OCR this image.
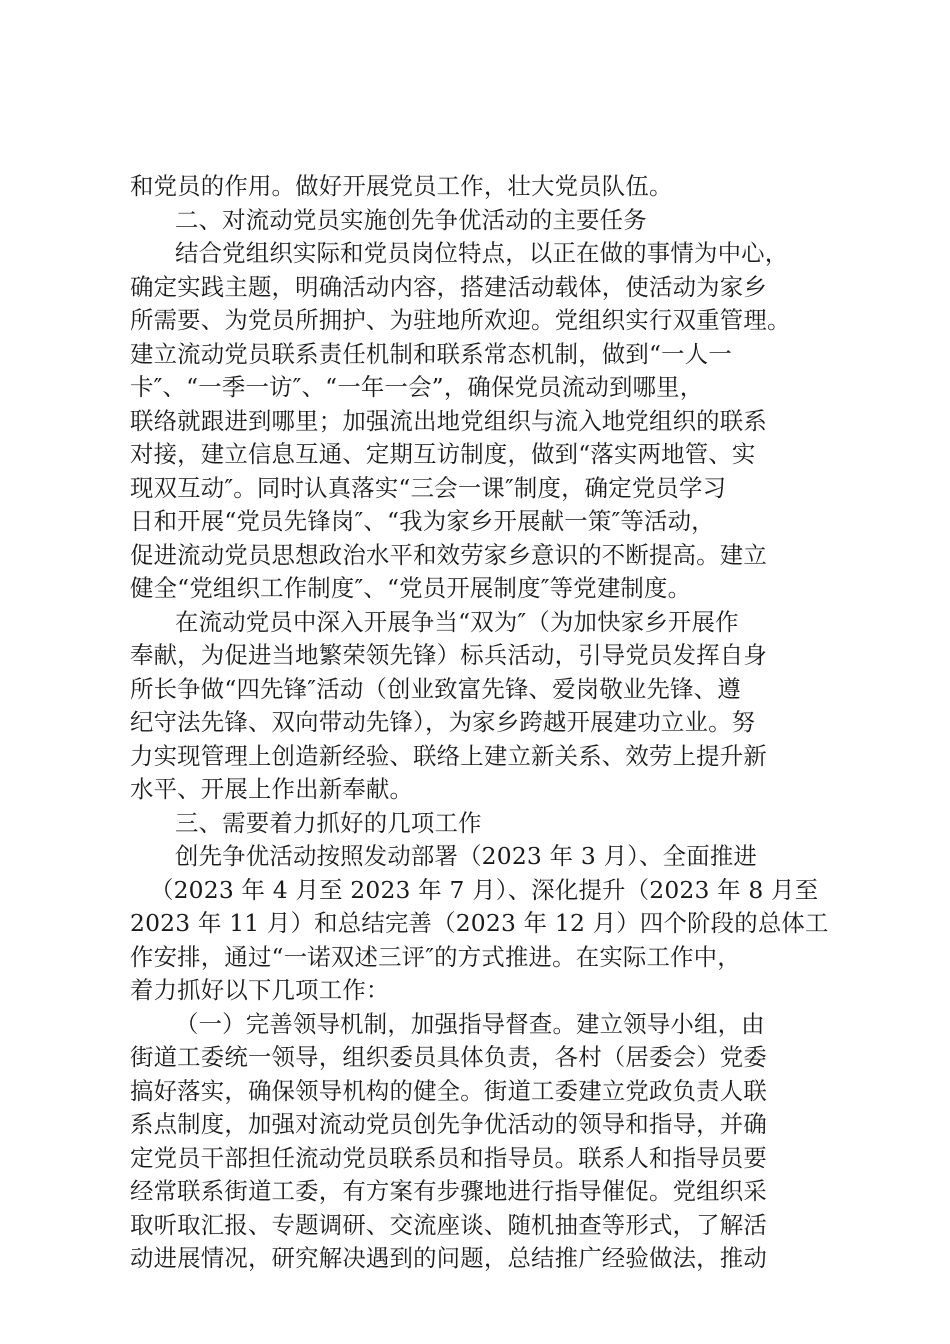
和党员的作用。做好开展党员工作，壮大党员队伍。
二、对流动党员实施创先争优活动的主要任务
结合党组织实际和党员岗位特点，以正在做的事情为中心，
确定实践主题，明确活动内容，搭建活动载体，使活动为家乡
所需要、为党员所拥护、为驻地所欢迎。党组织实行双重管理。
建立流动党员联系责任机制和联系常态机制，做到“一人一
卡″、“一季一访″、“一年一会”，确保党员流动到哪里，
联络就跟进到哪里；加强流出地党组织与流入地党组织的联系
对接，建立信息互通、定期互访制度，做到“落实两地管、实
现双互动″。同时认真落实“三会一课″制度，确定党员学习
日和开展“党员先锋岗″、“我为家乡开展献一策″等活动，
促进流动党员思想政治水平和效劳家乡意识的不断提高。建立
健全“党组织工作制度″、“党员开展制度″等党建制度。
在流动党员中深入开展争当“双为″（为加快家乡开展作
奉献，为促进当地繁荣领先锋）标兵活动，引导党员发挥自身
所长争做“四先锋″活动（创业致富先锋、爱岗敬业先锋、遵
纪守法先锋、双向带动先锋），为家乡跨越开展建功立业。努
力实现管理上创造新经验、联络上建立新关系、效劳上提升新
水平、开展上作出新奉献。
三、需要着力抓好的几项工作
创先争优活动按照发动部署（2023 年 3 月）、全面推进
（2023 年 4 月至 2023 年 7 月）、深化提升（2023 年 8 月至
2023 年 11 月）和总结完善（2023 年 12 月）四个阶段的总体工
作安排，通过“一诺双述三评″的方式推进。在实际工作中，
着力抓好以下几项工作：
（一）完善领导机制，加强指导督查。建立领导小组，由
街道工委统一领导，组织委员具体负责，各村（居委会）党委
搞好落实，确保领导机构的健全。街道工委建立党政负责人联
系点制度，加强对流动党员创先争优活动的领导和指导，并确
定党员干部担任流动党员联系员和指导员。联系人和指导员要
经常联系街道工委，有方案有步骤地进行指导催促。党组织采
取听取汇报、专题调研、交流座谈、随机抽查等形式，了解活
动进展情况，研究解决遇到的问题，总结推广经验做法，推动
